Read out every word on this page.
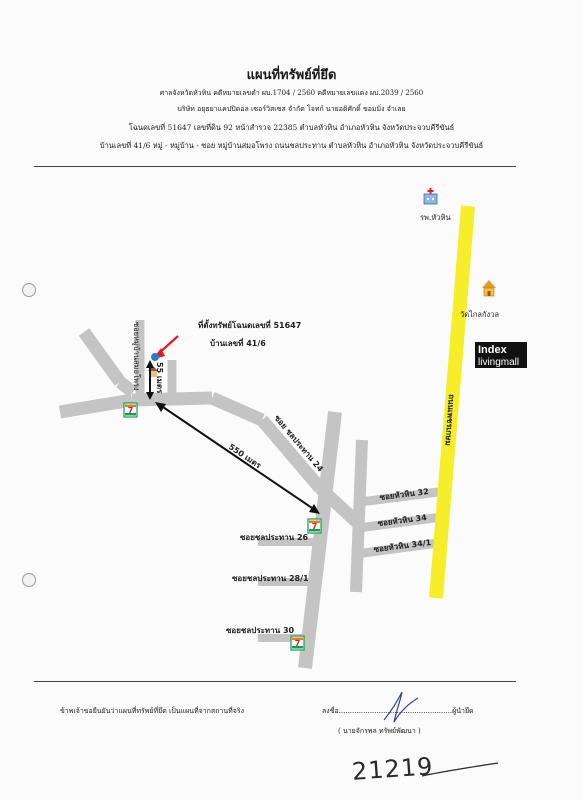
แผนที่ทรัพย์ที่ยึด
ศาลจังหวัดหัวหิน คดีหมายเลขดำ ผบ.1704 / 2560 คดีหมายเลขแดง ผบ.2039 / 2560
บริษัท อยุธยาแคปปิตอล เซอร์วิสเซส จำกัด โจทก์ นายอดิศักดิ์ ขอมมิ่ง จำเลย
โฉนดเลขที่ 51647 เลขที่ดิน 92 หน้าสำรวจ 22385 ตำบลหัวหิน อำเภอหัวหิน จังหวัดประจวบคีรีขันธ์
บ้านเลขที่ 41/6 หมู่ - หมู่บ้าน - ซอย หมู่บ้านสมอโพรง ถนนชลประทาน ตำบลหัวหิน อำเภอหัวหิน จังหวัดประจวบคีรีขันธ์
ถนนเพชรเกษม
รพ.หัวหิน
วัดไกลกังวล
Index
livingmall
ที่ตั้งทรัพย์โฉนดเลขที่ 51647
บ้านเลขที่ 41/6
ซอยหมู่บ้านสมอโพรง 55 เมตร
550 เมตร ซอย ชลประทาน 24
ซอยชลประทาน 26
ซอยชลประทาน 28/1
ซอยชลประทาน 30
ซอยหัวหิน 32
ซอยหัวหิน 34
ซอยหัวหิน 34/1
7
7
7
ข้าพเจ้าขอยืนยันว่าแผนที่ทรัพย์ที่ยึด เป็นแผนที่จากสถานที่จริง	ลงชื่อ...................................................ผู้นำยึด
( นายจักรพล ทรัพย์พัฒนา )
21219
